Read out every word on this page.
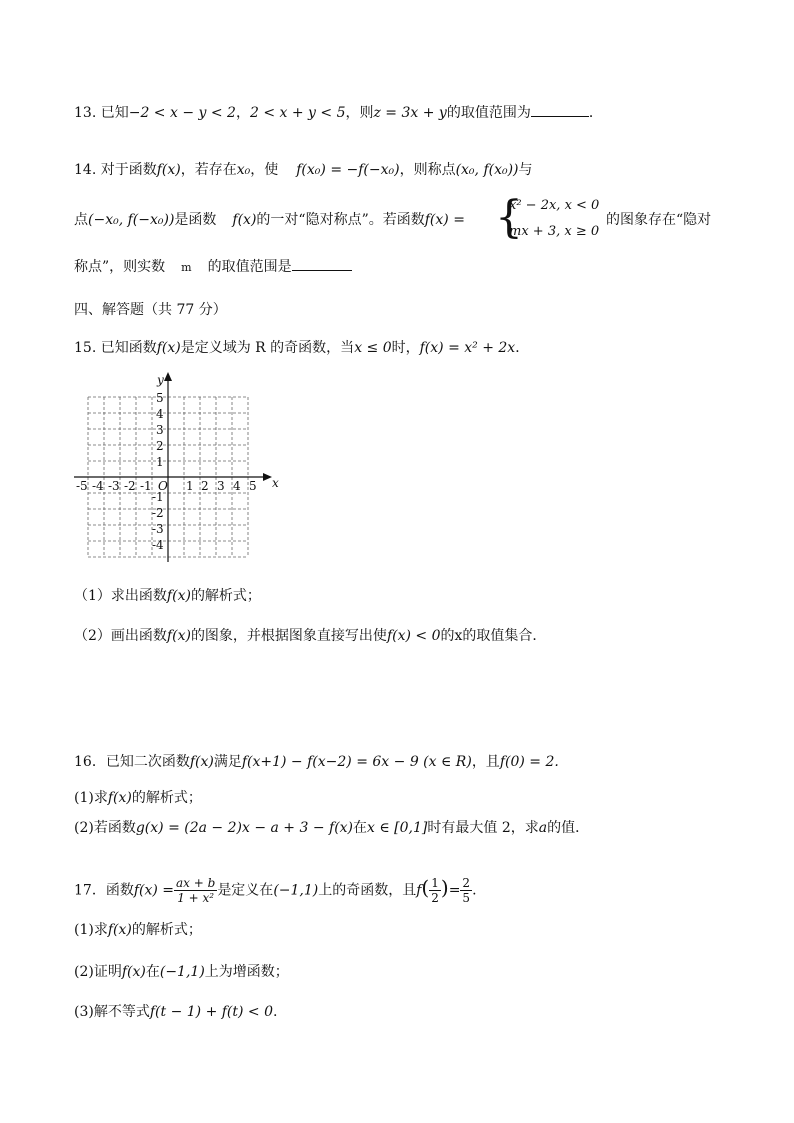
13. 已知−2 < x − y < 2，2 < x + y < 5，则z = 3x + y的取值范围为	．
14. 对于函数f(x)，若存在x₀，使 f(x₀) = −f(−x₀)，则称点(x₀, f(x₀))与
点(−x₀, f(−x₀))是函数 f(x)的一对“隐对称点”。若函数f(x) = {
x² − 2x, x < 0
mx + 3, x ≥ 0
的图象存在“隐对
称点”，则实数 m 的取值范围是
四、解答题（共 77 分）
15. 已知函数f(x)是定义域为 R 的奇函数，当x ≤ 0时，f(x) = x² + 2x．
x
y
O
-5 -4 -3 -2 -1	1 2 3 4 5
5
4
3
2
1
-1
-2
-3
-4
（1）求出函数f(x)的解析式；
（2）画出函数f(x)的图象，并根据图象直接写出使f(x) < 0的x的取值集合．
16．已知二次函数f(x)满足f(x+1) − f(x−2) = 6x − 9 (x ∈ R)，且f(0) = 2.
(1)求f(x)的解析式；
(2)若函数g(x) = (2a − 2)x − a + 3 − f(x)在x ∈ [0,1]时有最大值 2，求a的值．
17．函数$f(x) = \frac{ax + b}{\text{1 + x²}}$ 是定义在(−1,1)上的奇函数，且$f( \frac{1}{2}$ )= $\frac{2}{5}$ .
(1)求f(x)的解析式；
(2)证明f(x)在(−1,1)上为增函数；
(3)解不等式f(t − 1) + f(t) < 0.
